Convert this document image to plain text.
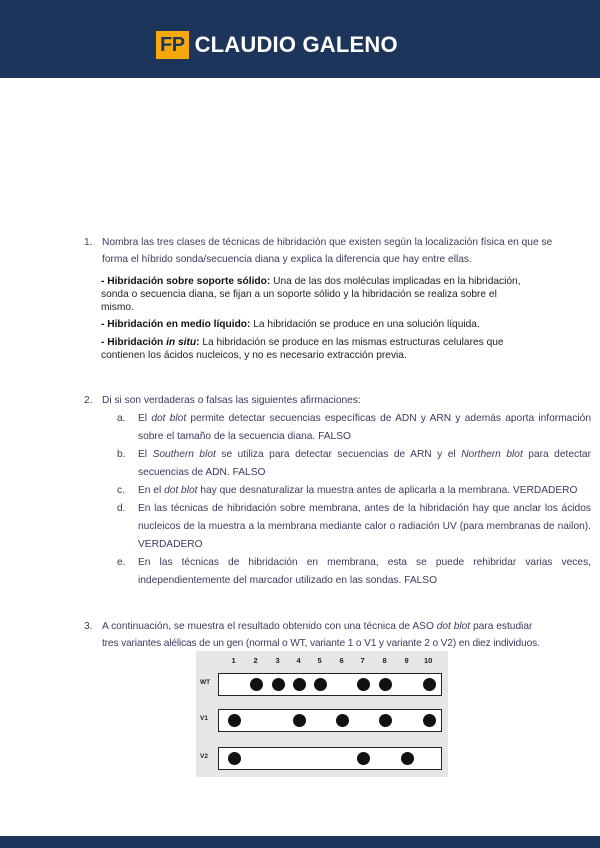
FP CLAUDIO GALENO
1. Nombra las tres clases de técnicas de hibridación que existen según la localización física en que se
forma el híbrido sonda/secuencia diana y explica la diferencia que hay entre ellas.
- Hibridación sobre soporte sólido: Una de las dos moléculas implicadas en la hibridación, sonda o secuencia diana, se fijan a un soporte sólido y la hibridación se realiza sobre el mismo.
- Hibridación en medio líquido: La hibridación se produce en una solución líquida.
- Hibridación in situ: La hibridación se produce en las mismas estructuras celulares que contienen los ácidos nucleicos, y no es necesario extracción previa.
2. Di si son verdaderas o falsas las siguientes afirmaciones:
a. El dot blot permite detectar secuencias específicas de ADN y ARN y además aporta información sobre el tamaño de la secuencia diana. FALSO
b. El Southern blot se utiliza para detectar secuencias de ARN y el Northern blot para detectar secuencias de ADN. FALSO
c. En el dot blot hay que desnaturalizar la muestra antes de aplicarla a la membrana. VERDADERO
d. En las técnicas de hibridación sobre membrana, antes de la hibridación hay que anclar los ácidos nucleicos de la muestra a la membrana mediante calor o radiación UV (para membranas de nailon). VERDADERO
e. En las técnicas de hibridación en membrana, esta se puede rehibridar varias veces, independientemente del marcador utilizado en las sondas. FALSO
3. A continuación, se muestra el resultado obtenido con una técnica de ASO dot blot para estudiar
tres variantes alélicas de un gen (normal o WT, variante 1 o V1 y variante 2 o V2) en diez individuos.
1 2 3 4 5 6 7 8 9 10
WT
V1
V2
